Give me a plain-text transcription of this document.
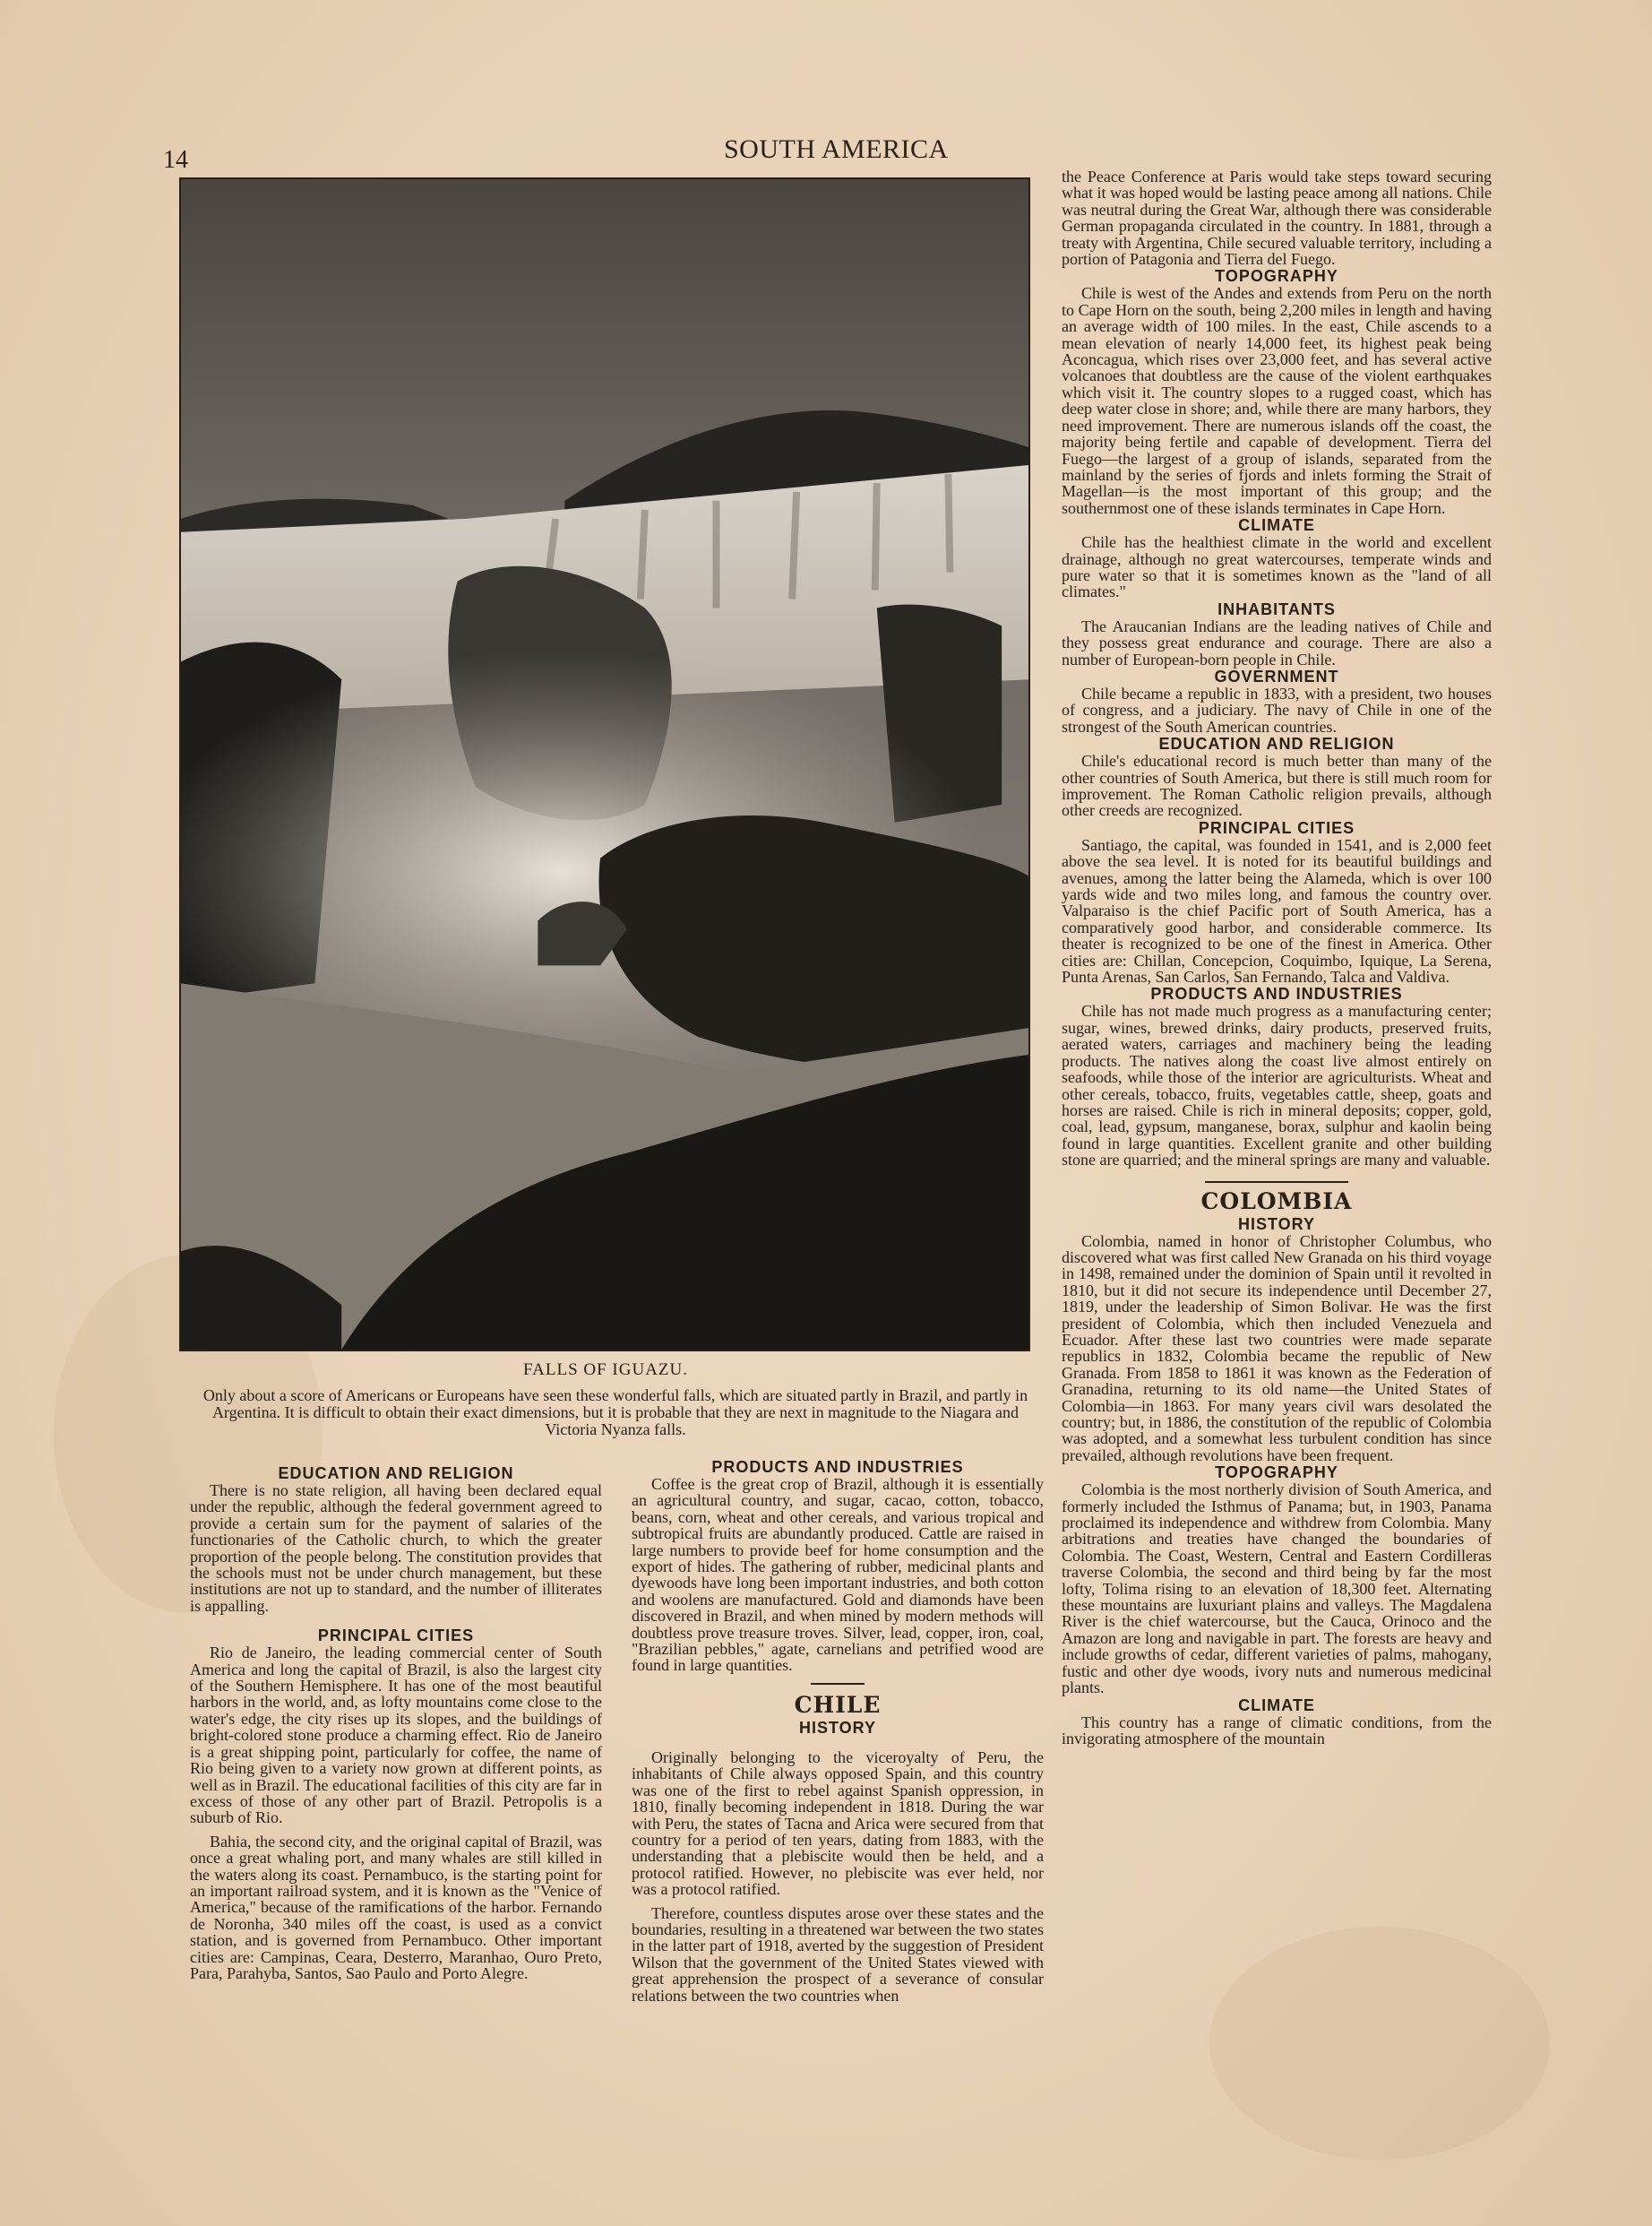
14	SOUTH AMERICA
FALLS OF IGUAZU.
Only about a score of Americans or Europeans have seen these wonderful falls, which are situated partly in Brazil, and partly in Argentina. It is difficult to obtain their exact dimensions, but it is probable that they are next in magnitude to the Niagara and Victoria Nyanza falls.
EDUCATION AND RELIGION

There is no state religion, all having been declared equal under the republic, although the federal government agreed to provide a certain sum for the payment of salaries of the functionaries of the Catholic church, to which the greater proportion of the people belong. The constitution provides that the schools must not be under church management, but these institutions are not up to standard, and the number of illiterates is appalling.

PRINCIPAL CITIES

Rio de Janeiro, the leading commercial center of South America and long the capital of Brazil, is also the largest city of the Southern Hemisphere. It has one of the most beautiful harbors in the world, and, as lofty mountains come close to the water's edge, the city rises up its slopes, and the buildings of bright-colored stone produce a charming effect. Rio de Janeiro is a great shipping point, particularly for coffee, the name of Rio being given to a variety now grown at different points, as well as in Brazil. The educational facilities of this city are far in excess of those of any other part of Brazil. Petropolis is a suburb of Rio.

Bahia, the second city, and the original capital of Brazil, was once a great whaling port, and many whales are still killed in the waters along its coast. Pernambuco, is the starting point for an important railroad system, and it is known as the "Venice of America," because of the ramifications of the harbor. Fernando de Noronha, 340 miles off the coast, is used as a convict station, and is governed from Pernambuco. Other important cities are: Campinas, Ceara, Desterro, Maranhao, Ouro Preto, Para, Parahyba, Santos, Sao Paulo and Porto Alegre.

PRODUCTS AND INDUSTRIES

Coffee is the great crop of Brazil, although it is essentially an agricultural country, and sugar, cacao, cotton, tobacco, beans, corn, wheat and other cereals, and various tropical and subtropical fruits are abundantly produced. Cattle are raised in large numbers to provide beef for home consumption and the export of hides. The gathering of rubber, medicinal plants and dyewoods have long been important industries, and both cotton and woolens are manufactured. Gold and diamonds have been discovered in Brazil, and when mined by modern methods will doubtless prove treasure troves. Silver, lead, copper, iron, coal, "Brazilian pebbles," agate, carnelians and petrified wood are found in large quantities.

CHILE
HISTORY

Originally belonging to the viceroyalty of Peru, the inhabitants of Chile always opposed Spain, and this country was one of the first to rebel against Spanish oppression, in 1810, finally becoming independent in 1818. During the war with Peru, the states of Tacna and Arica were secured from that country for a period of ten years, dating from 1883, with the understanding that a plebiscite would then be held, and a protocol ratified. However, no plebiscite was ever held, nor was a protocol ratified.

Therefore, countless disputes arose over these states and the boundaries, resulting in a threatened war between the two states in the latter part of 1918, averted by the suggestion of President Wilson that the government of the United States viewed with great apprehension the prospect of a severance of consular relations between the two countries when

the Peace Conference at Paris would take steps toward securing what it was hoped would be lasting peace among all nations. Chile was neutral during the Great War, although there was considerable German propaganda circulated in the country. In 1881, through a treaty with Argentina, Chile secured valuable territory, including a portion of Patagonia and Tierra del Fuego.

TOPOGRAPHY

Chile is west of the Andes and extends from Peru on the north to Cape Horn on the south, being 2,200 miles in length and having an average width of 100 miles. In the east, Chile ascends to a mean elevation of nearly 14,000 feet, its highest peak being Aconcagua, which rises over 23,000 feet, and has several active volcanoes that doubtless are the cause of the violent earthquakes which visit it. The country slopes to a rugged coast, which has deep water close in shore; and, while there are many harbors, they need improvement. There are numerous islands off the coast, the majority being fertile and capable of development. Tierra del Fuego—the largest of a group of islands, separated from the mainland by the series of fjords and inlets forming the Strait of Magellan—is the most important of this group; and the southernmost one of these islands terminates in Cape Horn.

CLIMATE

Chile has the healthiest climate in the world and excellent drainage, although no great watercourses, temperate winds and pure water so that it is sometimes known as the "land of all climates."

INHABITANTS

The Araucanian Indians are the leading natives of Chile and they possess great endurance and courage. There are also a number of European-born people in Chile.

GOVERNMENT

Chile became a republic in 1833, with a president, two houses of congress, and a judiciary. The navy of Chile in one of the strongest of the South American countries.

EDUCATION AND RELIGION

Chile's educational record is much better than many of the other countries of South America, but there is still much room for improvement. The Roman Catholic religion prevails, although other creeds are recognized.

PRINCIPAL CITIES

Santiago, the capital, was founded in 1541, and is 2,000 feet above the sea level. It is noted for its beautiful buildings and avenues, among the latter being the Alameda, which is over 100 yards wide and two miles long, and famous the country over. Valparaiso is the chief Pacific port of South America, has a comparatively good harbor, and considerable commerce. Its theater is recognized to be one of the finest in America. Other cities are: Chillan, Concepcion, Coquimbo, Iquique, La Serena, Punta Arenas, San Carlos, San Fernando, Talca and Valdiva.

PRODUCTS AND INDUSTRIES

Chile has not made much progress as a manufacturing center; sugar, wines, brewed drinks, dairy products, preserved fruits, aerated waters, carriages and machinery being the leading products. The natives along the coast live almost entirely on seafoods, while those of the interior are agriculturists. Wheat and other cereals, tobacco, fruits, vegetables cattle, sheep, goats and horses are raised. Chile is rich in mineral deposits; copper, gold, coal, lead, gypsum, manganese, borax, sulphur and kaolin being found in large quantities. Excellent granite and other building stone are quarried; and the mineral springs are many and valuable.

COLOMBIA
HISTORY

Colombia, named in honor of Christopher Columbus, who discovered what was first called New Granada on his third voyage in 1498, remained under the dominion of Spain until it revolted in 1810, but it did not secure its independence until December 27, 1819, under the leadership of Simon Bolivar. He was the first president of Colombia, which then included Venezuela and Ecuador. After these last two countries were made separate republics in 1832, Colombia became the republic of New Granada. From 1858 to 1861 it was known as the Federation of Granadina, returning to its old name—the United States of Colombia—in 1863. For many years civil wars desolated the country; but, in 1886, the constitution of the republic of Colombia was adopted, and a somewhat less turbulent condition has since prevailed, although revolutions have been frequent.

TOPOGRAPHY

Colombia is the most northerly division of South America, and formerly included the Isthmus of Panama; but, in 1903, Panama proclaimed its independence and withdrew from Colombia. Many arbitrations and treaties have changed the boundaries of Colombia. The Coast, Western, Central and Eastern Cordilleras traverse Colombia, the second and third being by far the most lofty, Tolima rising to an elevation of 18,300 feet. Alternating these mountains are luxuriant plains and valleys. The Magdalena River is the chief watercourse, but the Cauca, Orinoco and the Amazon are long and navigable in part. The forests are heavy and include growths of cedar, different varieties of palms, mahogany, fustic and other dye woods, ivory nuts and numerous medicinal plants.

CLIMATE

This country has a range of climatic conditions, from the invigorating atmosphere of the mountain
